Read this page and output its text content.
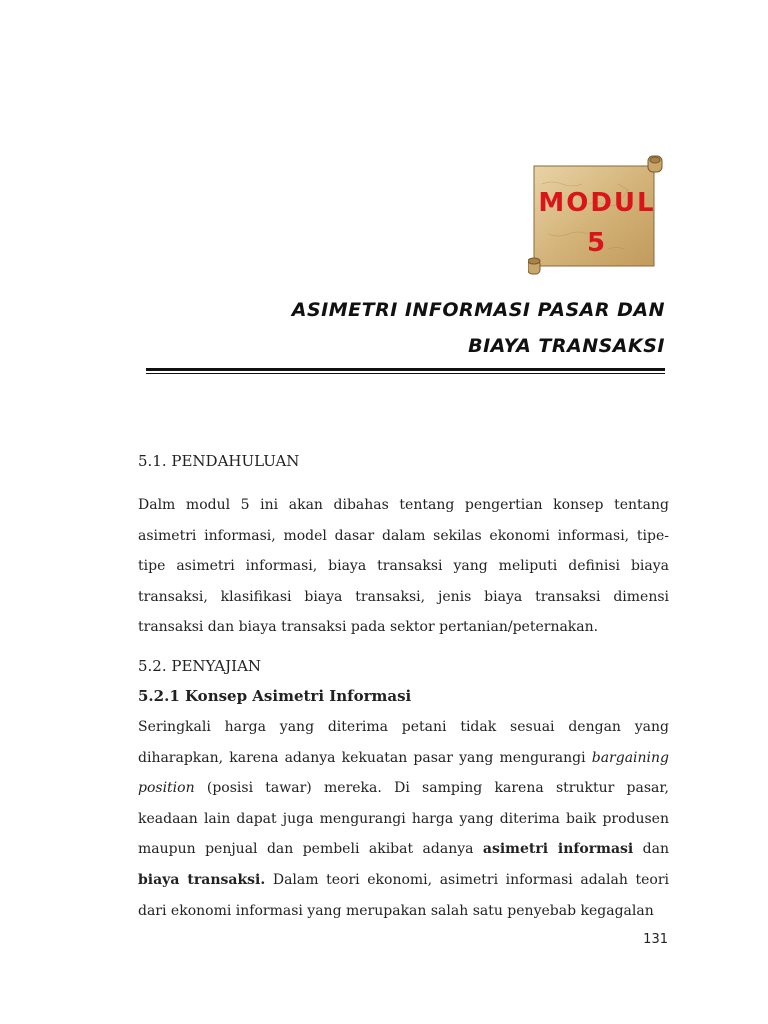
MODUL
5
ASIMETRI INFORMASI PASAR DAN
BIAYA TRANSAKSI
5.1. PENDAHULUAN

Dalm modul 5 ini akan dibahas tentang pengertian konsep tentang asimetri informasi, model dasar dalam sekilas ekonomi informasi, tipe-tipe asimetri informasi, biaya transaksi yang meliputi definisi biaya transaksi, klasifikasi biaya transaksi, jenis biaya transaksi dimensi transaksi dan biaya transaksi pada sektor pertanian/peternakan.

5.2. PENYAJIAN
5.2.1 Konsep Asimetri Informasi

Seringkali harga yang diterima petani tidak sesuai dengan yang diharapkan, karena adanya kekuatan pasar yang mengurangi bargaining position (posisi tawar) mereka. Di samping karena struktur pasar, keadaan lain dapat juga mengurangi harga yang diterima baik produsen maupun penjual dan pembeli akibat adanya asimetri informasi dan biaya transaksi. Dalam teori ekonomi, asimetri informasi adalah teori dari ekonomi informasi yang merupakan salah satu penyebab kegagalan

131
